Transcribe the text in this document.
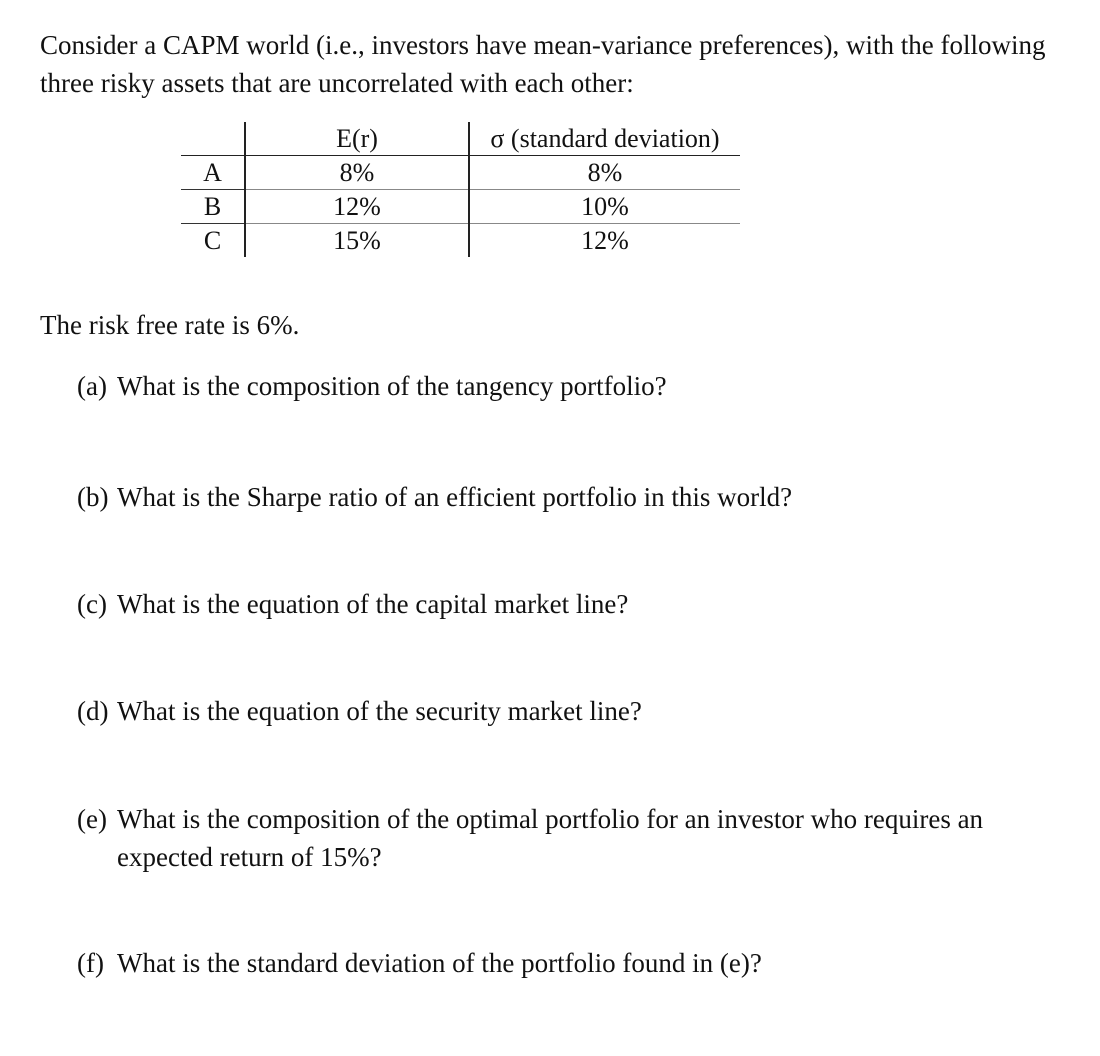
Consider a CAPM world (i.e., investors have mean-variance preferences), with the following three risky assets that are uncorrelated with each other:

	E(r)	σ (standard deviation)
A	8%	8%
B	12%	10%
C	15%	12%

The risk free rate is 6%.

(a) What is the composition of the tangency portfolio?
(b) What is the Sharpe ratio of an efficient portfolio in this world?
(c) What is the equation of the capital market line?
(d) What is the equation of the security market line?
(e) What is the composition of the optimal portfolio for an investor who requires an expected return of 15%?
(f) What is the standard deviation of the portfolio found in (e)?
